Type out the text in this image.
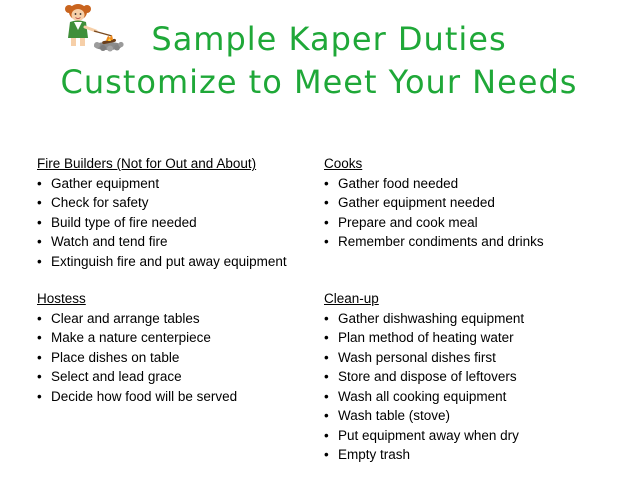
Sample Kaper Duties
Customize to Meet Your Needs
Fire Builders (Not for Out and About)
• Gather equipment
• Check for safety
• Build type of fire needed
• Watch and tend fire
• Extinguish fire and put away equipment
Cooks
• Gather food needed
• Gather equipment needed
• Prepare and cook meal
• Remember condiments and drinks
Hostess
• Clear and arrange tables
• Make a nature centerpiece
• Place dishes on table
• Select and lead grace
• Decide how food will be served
Clean-up
• Gather dishwashing equipment
• Plan method of heating water
• Wash personal dishes first
• Store and dispose of leftovers
• Wash all cooking equipment
• Wash table (stove)
• Put equipment away when dry
• Empty trash
